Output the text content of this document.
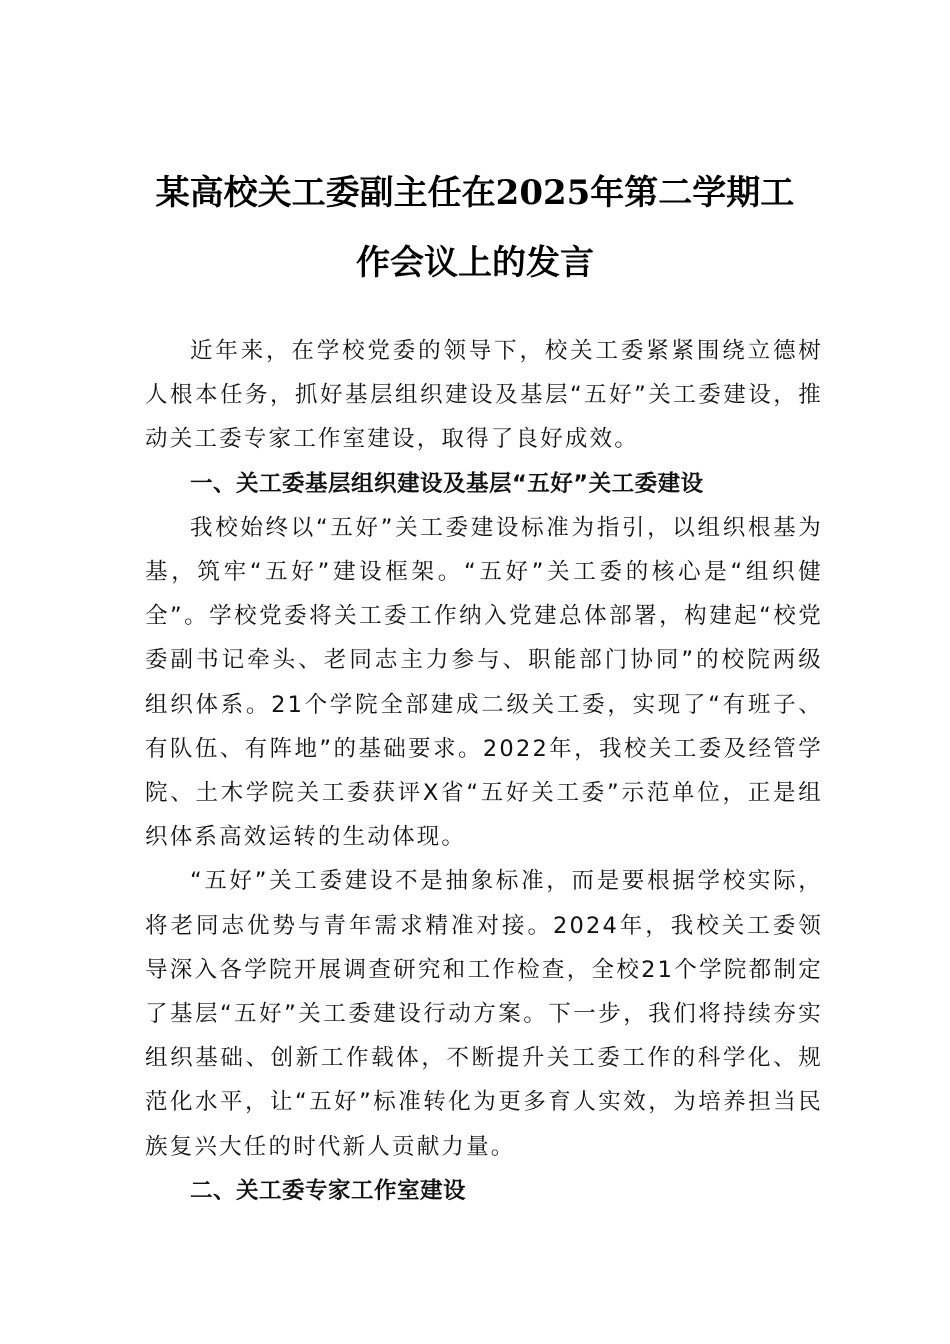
某高校关工委副主任在2025年第二学期工
作会议上的发言

近年来，在学校党委的领导下，校关工委紧紧围绕立德树人根本任务，抓好基层组织建设及基层“五好”关工委建设，推动关工委专家工作室建设，取得了良好成效。

一、关工委基层组织建设及基层“五好”关工委建设

我校始终以“五好”关工委建设标准为指引，以组织根基为基，筑牢“五好”建设框架。“五好”关工委的核心是“组织健全”。学校党委将关工委工作纳入党建总体部署，构建起“校党委副书记牵头、老同志主力参与、职能部门协同”的校院两级组织体系。21个学院全部建成二级关工委，实现了“有班子、有队伍、有阵地”的基础要求。2022年，我校关工委及经管学院、土木学院关工委获评X省“五好关工委”示范单位，正是组织体系高效运转的生动体现。

“五好”关工委建设不是抽象标准，而是要根据学校实际，将老同志优势与青年需求精准对接。2024年，我校关工委领导深入各学院开展调查研究和工作检查，全校21个学院都制定了基层“五好”关工委建设行动方案。下一步，我们将持续夯实组织基础、创新工作载体，不断提升关工委工作的科学化、规范化水平，让“五好”标准转化为更多育人实效，为培养担当民族复兴大任的时代新人贡献力量。

二、关工委专家工作室建设
